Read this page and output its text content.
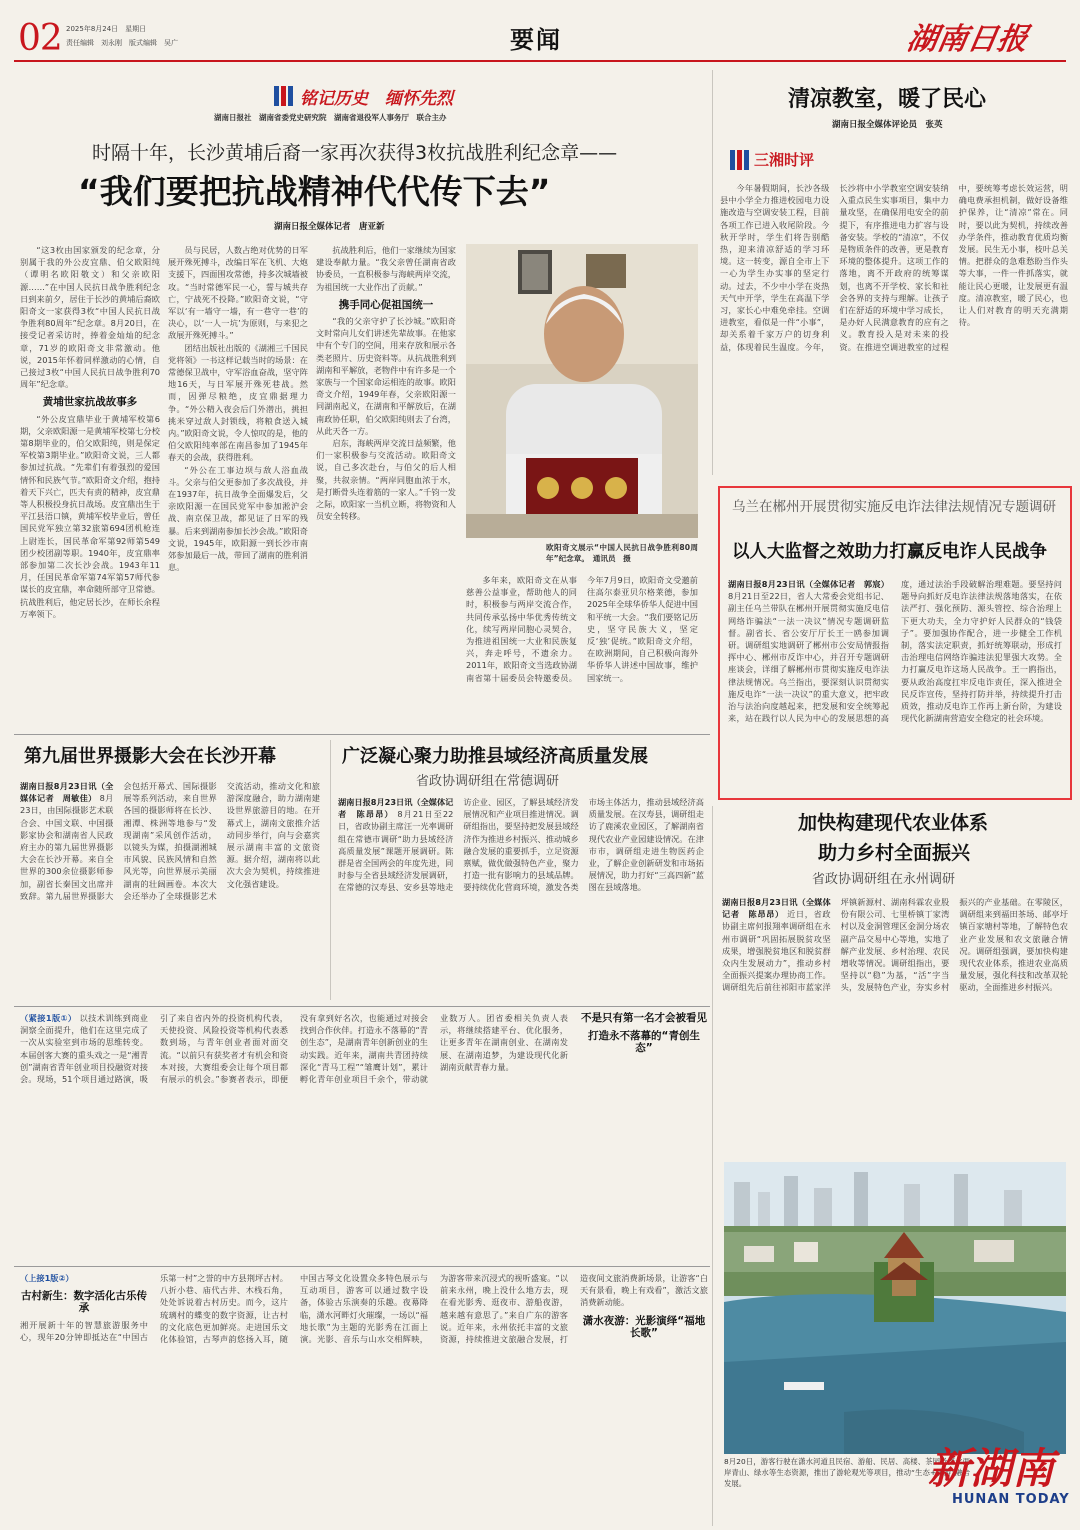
02 2025年8月24日　 星期日
责任编辑　刘永刚　版式编辑　吴广	要闻	湖南日报
铭记历史　缅怀先烈
湖南日报社　湖南省委党史研究院　湖南省退役军人事务厅　联合主办
时隔十年，长沙黄埔后裔一家再次获得3枚抗战胜利纪念章——
“我们要把抗战精神代代传下去”
湖南日报全媒体记者　唐亚新

“这3枚由国家颁发的纪念章，分别属于我的外公皮宜鼎、伯父欧阳纯（谭明名欧阳敬文）和父亲欧阳源……”在中国人民抗日战争胜利纪念日到来前夕，居住于长沙的黄埔后裔欧阳奇文一家获得3枚“中国人民抗日战争胜利80周年”纪念章。8月20日，在接受记者采访时，捧着金灿灿的纪念章，71岁的欧阳奇文非常激动。他说，2015年怀着同样激动的心情，自己接过3枚“中国人民抗日战争胜利70周年”纪念章。

黄埔世家抗战故事多

“外公皮宜鼎毕业于黄埔军校第6期，父亲欧阳源一是黄埔军校第七分校第8期毕业的，伯父欧阳纯，则是保定军校第3期毕业。”欧阳奇文说，三人都参加过抗战。“先辈们有着强烈的爱国情怀和民族气节。”欧阳奇文介绍，抱持着天下兴亡，匹夫有责的精神，皮宜鼎等人积极投身抗日战场。皮宜鼎出生于平江县浯口镇，黄埔军校毕业后，曾任国民党军独立第32旅第694团机枪连上尉连长，国民革命军第92师第549团少校团副等职。1940年，皮宜鼎率部参加第二次长沙会战。1943年11月，任国民革命军第74军第57师代参谋长的皮宜鼎，率命随所部守卫常德。抗战胜利后，他定居长沙，在师长余程万率领下。

员与民居，人数占绝对优势的日军展开殊死搏斗，改编日军在飞机、大炮支援下，四面围攻常德，持多次城墙被攻。“当时常德军民一心，誓与城共存亡，宁战死不投降。”欧阳奇文说，“守军以‘有一墙守一墙，有一巷守一巷’的决心，以‘一人一坑’为原则，与来犯之敌展开殊死搏斗。”

团结出版社出版的《湖湘三千国民党将领》一书这样记载当时的场景：在常德保卫战中，守军浴血奋战，坚守阵地16天，与日军展开殊死巷战。然而，因弹尽粮绝，皮宜鼎据理力争。“外公精入夜会后门外潜出，挑担挑米穿过敌人封锁线，将粮食送入城内。”欧阳奇文说，令人惊叹的是，他的伯父欧阳纯率部在南昌参加了1945年春天的会战，获得胜利。

“外公在工事边坝与敌人浴血战斗。父亲与伯父更参加了多次战役，并在1937年，抗日战争全面爆发后，父亲欧阳源一在国民党军中参加淞沪会战、南京保卫战，都见证了日军的残暴。后来到湖南参加长沙会战。”欧阳奇文说，1945年，欧阳源一到长沙市南郊参加最后一战，带回了湖南的胜利消息。

抗战胜利后，他们一家继续为国家建设奉献力量。“我父亲曾任湖南省政协委员，一直积极参与海峡两岸交流，为祖国统一大业作出了贡献。”

携手同心促祖国统一

“我的父亲守护了长沙城。”欧阳奇文时常向儿女们讲述先辈故事。在他家中有个专门的空间，用来存放和展示各类老照片、历史资料等。从抗战胜利到湖南和平解放，老物件中有许多是一个家族与一个国家命运相连的故事。欧阳奇文介绍，1949年春，父亲欧阳源一同湖南起义，在湖南和平解放后，在湖南政协任职，伯父欧阳纯则去了台湾，从此天各一方。

启东，海峡两岸交流日益频繁，他们一家积极参与交流活动。欧阳奇文说，自己多次赴台，与伯父的后人相聚，共叙亲情。“两岸同胞血浓于水，是打断骨头连着筋的一家人。”千钧一发之际，欧阳家一当机立断，将物资和人员安全转移。

欧阳奇文展示“中国人民抗日战争胜利80周年”纪念章。　通讯员　摄
多年来，欧阳奇文在从事慈善公益事业，帮助他人的同时，积极参与两岸交流合作，共同传承弘扬中华优秀传统文化，续写两岸同胞心灵契合，为推进祖国统一大业和民族复兴，奔走呼号，不遗余力。2011年，欧阳奇文当选政协湖南省第十届委员会特邀委员。今年7月9日，欧阳奇文受邀前往高尔泰亚贝尔格莱德，参加2025年全球华侨华人促进中国和平统一大会。“我们要铭记历史，坚守民族大义，坚定反‘独’促统。”欧阳奇文介绍，在欧洲期间，自己积极向海外华侨华人讲述中国故事，维护国家统一。
清凉教室，暖了民心
湖南日报全媒体评论员　张英
三湘时评
今年暑假期间，长沙各级县中小学全力推进校园电力设施改造与空调安装工程，目前各项工作已进入收尾阶段。今秋开学时，学生们将告别酷热，迎来清凉舒适的学习环境。这一转变，源自全市上下一心为学生办实事的坚定行动。过去，不少中小学在炎热天气中开学，学生在高温下学习，家长心中难免牵挂。空调进教室，看似是一件“小事”，却关系着千家万户的切身利益，体现着民生温度。今年，长沙将中小学教室空调安装纳入重点民生实事项目，集中力量攻坚，在确保用电安全的前提下，有序推进电力扩容与设备安装。学校的“清凉”，不仅是物质条件的改善，更是教育环境的整体提升。这项工作的落地，离不开政府的统筹谋划，也离不开学校、家长和社会各界的支持与理解。让孩子们在舒适的环境中学习成长，是办好人民满意教育的应有之义。教育投入是对未来的投资。在推进空调进教室的过程中，要统筹考虑长效运营，明确电费承担机制，做好设备维护保养，让“清凉”常在。同时，要以此为契机，持续改善办学条件，推动教育优质均衡发展。民生无小事，枝叶总关情。把群众的急难愁盼当作头等大事，一件一件抓落实，就能让民心更暖，让发展更有温度。清凉教室，暖了民心，也让人们对教育的明天充满期待。
乌兰在郴州开展贯彻实施反电诈法律法规情况专题调研
以人大监督之效助力打赢反电诈人民战争
湖南日报8月23日讯（全媒体记者　郭宸） 8月21日至22日，省人大常委会党组书记、副主任乌兰带队在郴州开展贯彻实施反电信网络诈骗法“一法一决议”情况专题调研监督。副省长、省公安厅厅长王一鸥参加调研。调研组实地调研了郴州市公安局情报指挥中心、郴州市反诈中心，并召开专题调研座谈会，详细了解郴州市贯彻实施反电诈法律法规情况。乌兰指出，要深刻认识贯彻实施反电诈“一法一决议”的重大意义，把牢政治与法治向度越起来，把发展和安全统筹起来，站在践行以人民为中心的发展思想的高度，通过法治手段破解治理难题。要坚持问题导向抓好反电诈法律法规落地落实，在依法严打、强化预防、源头管控、综合治理上下更大功夫，全力守护好人民群众的“钱袋子”。要加强协作配合，进一步健全工作机制，落实法定职责，抓好统筹联动，形成打击治理电信网络诈骗违法犯罪强大攻势。全力打赢反电诈这场人民战争。王一鸥指出，要从政治高度扛牢反电诈责任，深入推进全民反诈宣传，坚持打防并举，持续提升打击质效，推动反电诈工作再上新台阶，为建设现代化新湖南营造安全稳定的社会环境。
第九届世界摄影大会在长沙开幕
湖南日报8月23日讯（全媒体记者　周敏佳） 8月23日，由国际摄影艺术联合会、中国文联、中国摄影家协会和湖南省人民政府主办的第九届世界摄影大会在长沙开幕。来自全世界的300余位摄影师参加，副省长秦国文出席并致辞。第九届世界摄影大会包括开幕式、国际摄影展等系列活动，来自世界各国的摄影师将在长沙、湘潭、株洲等地参与“发现湖南”采风创作活动，以镜头为媒，拍摄湖湘城市风貌、民族风情和自然风光等，向世界展示美丽湖南的壮阔画卷。本次大会还举办了全球摄影艺术交流活动，推动文化和旅游深度融合，助力湖南建设世界旅游目的地。在开幕式上，湖南文旅推介活动同步举行，向与会嘉宾展示湖南丰富的文旅资源。据介绍，湖南将以此次大会为契机，持续推进文化强省建设。
广泛凝心聚力助推县域经济高质量发展
省政协调研组在常德调研
湖南日报8月23日讯（全媒体记者　陈昂昂） 8月21日至22日，省政协副主席汪一光率调研组在常德市调研“助力县域经济高质量发展”课题开展调研。陈群是省全国两会的年度先进，同时参与全省县域经济发展调研，在常德的汉寿县、安乡县等地走访企业、园区，了解县域经济发展情况和产业项目推进情况。调研组指出，要坚持把发展县域经济作为推进乡村振兴、推动城乡融合发展的重要抓手，立足资源禀赋，做优做强特色产业，聚力打造一批有影响力的县域品牌。要持续优化营商环境，激发各类市场主体活力，推动县域经济高质量发展。在汉寿县，调研组走访了鹿溪农业园区，了解湖南省现代农业产业园建设情况。在津市市，调研组走进生物医药企业，了解企业创新研发和市场拓展情况，助力打好“三高四新”蓝图在县域落地。
加快构建现代农业体系
助力乡村全面振兴
省政协调研组在永州调研
湖南日报8月23日讯（全媒体记者　陈昂昂） 近日，省政协副主席何报翔率调研组在永州市调研“巩固拓展脱贫攻坚成果，增强脱贫地区和脱贫群众内生发展动力”，推动乡村全面振兴提案办理协商工作。调研组先后前往祁阳市蓝家洋坪镇新源村、湖南科霖农业股份有限公司、七里桥镇丁家湾村以及金洞管理区金洞分场农副产品交易中心等地，实地了解产业发展、乡村治理、农民增收等情况。调研组指出，要坚持以“稳”为基，“活”字当头，发展特色产业，夯实乡村振兴的产业基础。在零陵区，调研组来到福田茶场、邮亭圩镇百家塘村等地，了解特色农业产业发展和农文旅融合情况。调研组强调，要加快构建现代农业体系，推进农业高质量发展，强化科技和改革双轮驱动，全面推进乡村振兴。
8月20日，游客行驶在潇水河道且民宿、游船、民居、高楼、茶园及潇水两岸青山、绿水等生态资源，推出了游轮观光等项目，推动“生态+旅游”融合发展。	新湖南
HUNAN TODAY
（紧接1版①） 以技术训练到商业洞察全面提升，他们在这里完成了一次从实验室到市场的思维转变。本届创客大赛的重头戏之一是“湘青创”湖南省青年创业项目投融资对接会。现场，51个项目通过路演，吸引了来自省内外的投资机构代表，天使投资、风险投资等机构代表悉数到场，与青年创业者面对面交流。“以前只有获奖者才有机会和资本对接，大赛组委会让每个项目都有展示的机会。”参赛者表示，即便没有拿到好名次，也能通过对接会找到合作伙伴。打造永不落幕的“青创生态”，是湖南青年创新创业的生动实践。近年来，湖南共青团持续深化“青马工程”“雏鹰计划”，累计孵化青年创业项目千余个，带动就业数万人。团省委相关负责人表示，将继续搭建平台、优化服务，让更多青年在湖南创业、在湖南发展、在湖南追梦，为建设现代化新湖南贡献青春力量。
不是只有第一名才会被看见
打造永不落幕的“青创生态”
（上接1版②）
古村新生：数字活化古乐传承
湘开展新十年的智慧旅游服务中心，现年20分钟即抵达在“中国古乐第一村”之誉的中方县荆坪古村。八折小巷、庙代古井、木栈石角，处处诉说着古村历史。而今，这片琉璃村的蝶变的数字资源，让古村的文化底色更加鲜亮。走进国乐文化体验馆，古琴声韵悠扬入耳，随中国古琴文化设置众多特色展示与互动项目，游客可以通过数字设备，体验古乐演奏的乐趣。夜幕降临，潇水河畔灯火璀璨，一场以“福地长歌”为主题的光影秀在江面上演。光影、音乐与山水交相辉映，为游客带来沉浸式的视听盛宴。“以前来永州，晚上没什么地方去，现在看光影秀、逛夜市、游船夜游，越来越有意思了。”来自广东的游客说。近年来，永州依托丰富的文旅资源，持续推进文旅融合发展，打造夜间文旅消费新场景，让游客“白天有景看，晚上有戏看”，激活文旅消费新动能。
潇水夜游：光影演绎“福地长歌”
